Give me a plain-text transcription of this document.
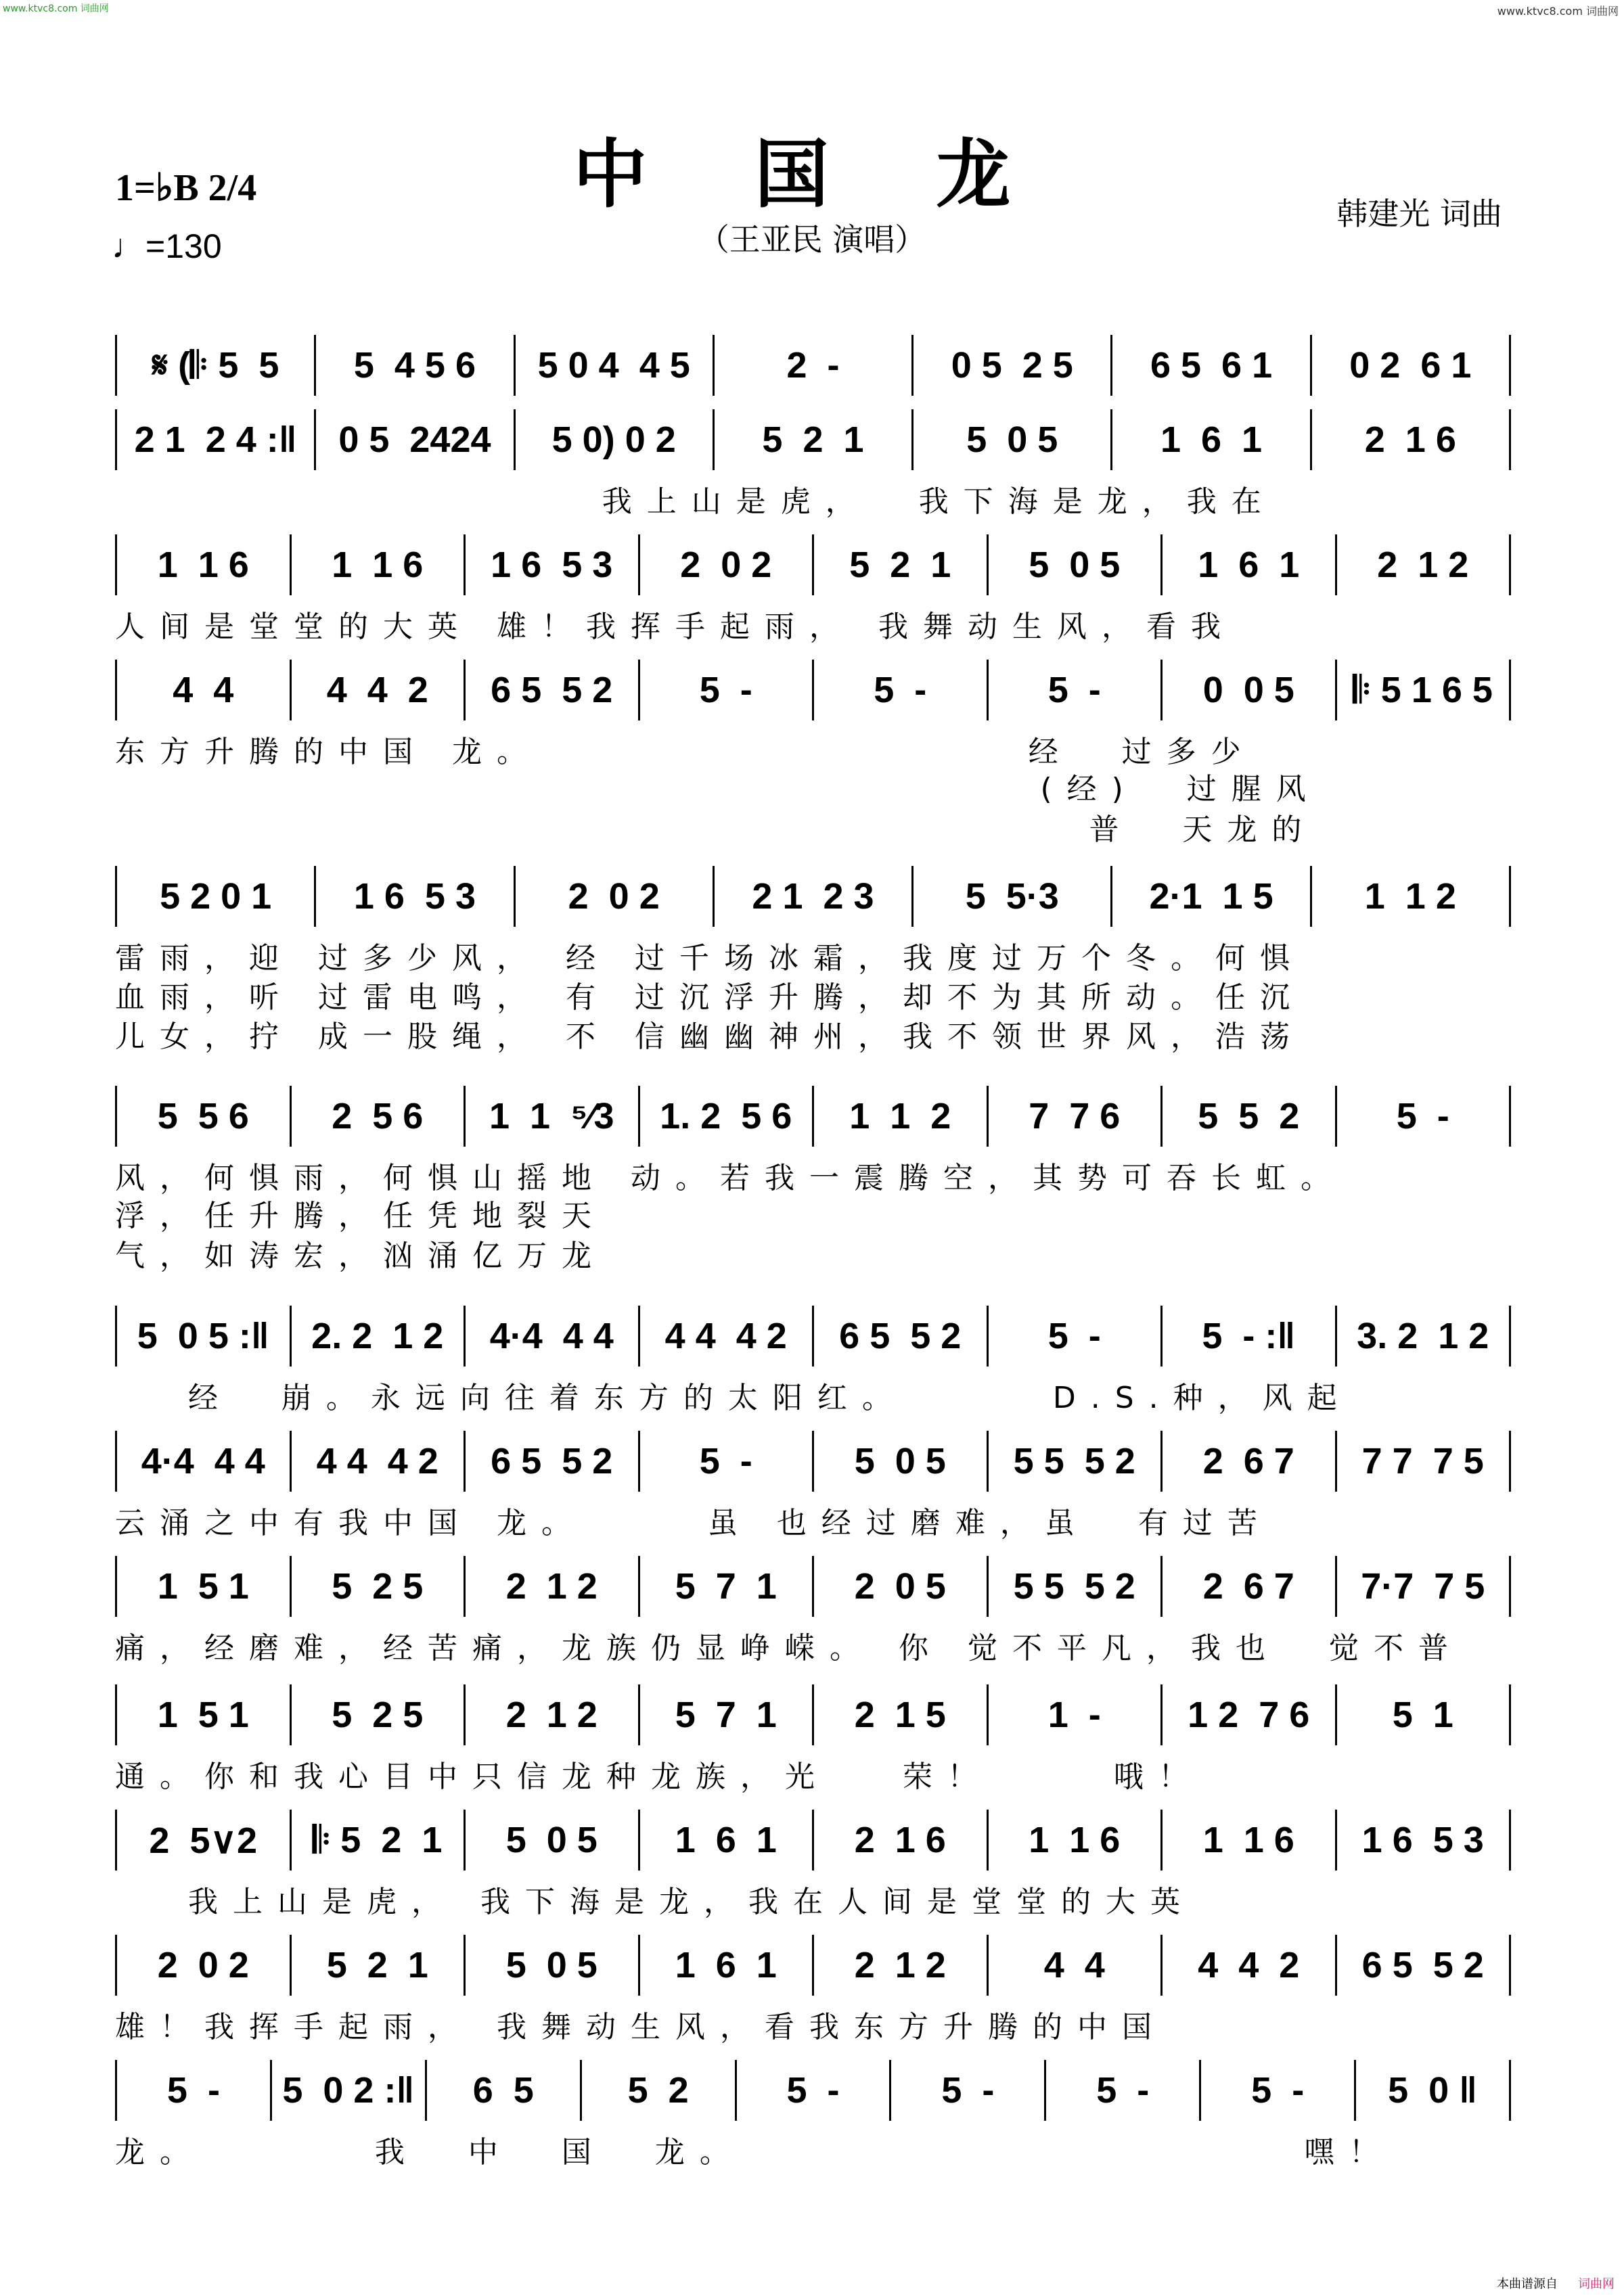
www.ktvc8.com 词曲网	www.ktvc8.com 词曲网
中 国 龙
（王亚民 演唱）
韩建光 词曲
1=♭B 2/4
♩=130
𝄋 (𝄆 5  5	5  4 5 6	5 0 4  4 5	2  -	0 5  2 5	6 5  6 1	0 2  6 1
2 1  2 4 :‖	0 5  2424	5 0) 0 2	5  2  1	5  0 5	1  6  1	2  1 6
我上山是虎，  我下海是龙，我在
1  1 6	1  1 6	1 6  5 3	2  0 2	5  2  1	5  0 5	1  6  1	2  1 2
人间是堂堂的大英 雄！我挥手起雨， 我舞动生风，看我
4  4	4  4  2	6 5  5 2	5  -	5  -	5  -	0  0 5	𝄆 5 1 6 5
东方升腾的中国 龙。                    经  过多少
(经)  过腥风
普  天龙的
5 2 0 1	1 6  5 3	2  0 2	2 1  2 3	5  5·3	2·1  1 5	1  1 2
雷雨，迎 过多少风， 经 过千场冰霜，我度过万个冬。何惧
血雨，听 过雷电鸣， 有 过沉浮升腾，却不为其所动。任沉
儿女，拧 成一股绳， 不 信幽幽神州，我不领世界风，浩荡
5  5 6	2  5 6	1  1  ⁵⁄3	1. 2  5 6	1  1  2	7  7 6	5  5  2	5  -
风，何惧雨，何惧山摇地 动。若我一震腾空，其势可吞长虹。
浮，任升腾，任凭地裂天
气，如涛宏，汹涌亿万龙
5  0 5 :‖	2. 2  1 2	4·4  4 4	4 4  4 2	6 5  5 2	5  -	5  - :‖	3. 2  1 2
经  崩。永远向往着东方的太阳红。      D.S.种，风起
4·4  4 4	4 4  4 2	6 5  5 2	5  -	5  0 5	5 5  5 2	2  6 7	7 7  7 5
云涌之中有我中国 龙。     虽 也经过磨难，虽  有过苦
1  5 1	5  2 5	2  1 2	5  7  1	2  0 5	5 5  5 2	2  6 7	7·7  7 5
痛，经磨难，经苦痛，龙族仍显峥嵘。 你 觉不平凡，我也  觉不普
1  5 1	5  2 5	2  1 2	5  7  1	2  1 5	1  -	1 2  7 6	5  1
通。你和我心目中只信龙种龙族，光   荣！     哦！
2  5∨2	𝄆 5  2  1	5  0 5	1  6  1	2  1 6	1  1 6	1  1 6	1 6  5 3
我上山是虎， 我下海是龙，我在人间是堂堂的大英
2  0 2	5  2  1	5  0 5	1  6  1	2  1 2	4  4	4  4  2	6 5  5 2
雄！我挥手起雨， 我舞动生风，看我东方升腾的中国
5  -	5  0 2 :‖	6  5	5  2	5  -	5  -	5  -	5  -	5  0 ‖
龙。       我  中  国  龙。                       嘿！
本曲谱源自 词曲网
